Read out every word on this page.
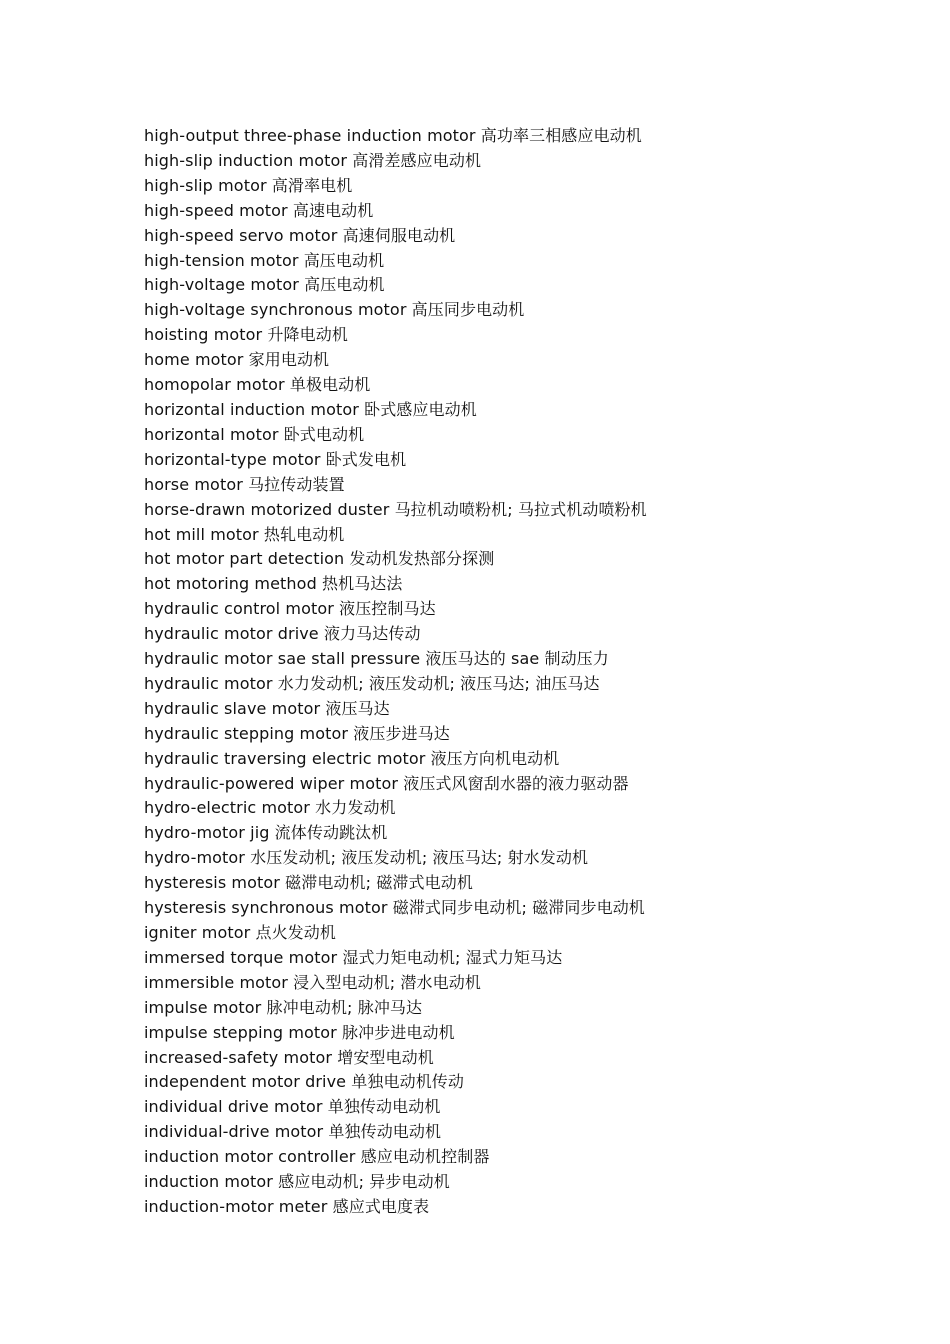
high-output three-phase induction motor 高功率三相感应电动机
high-slip induction motor 高滑差感应电动机
high-slip motor 高滑率电机
high-speed motor 高速电动机
high-speed servo motor 高速伺服电动机
high-tension motor 高压电动机
high-voltage motor 高压电动机
high-voltage synchronous motor 高压同步电动机
hoisting motor 升降电动机
home motor 家用电动机
homopolar motor 单极电动机
horizontal induction motor 卧式感应电动机
horizontal motor 卧式电动机
horizontal-type motor 卧式发电机
horse motor 马拉传动装置
horse-drawn motorized duster 马拉机动喷粉机; 马拉式机动喷粉机
hot mill motor 热轧电动机
hot motor part detection 发动机发热部分探测
hot motoring method 热机马达法
hydraulic control motor 液压控制马达
hydraulic motor drive 液力马达传动
hydraulic motor sae stall pressure 液压马达的 sae 制动压力
hydraulic motor 水力发动机; 液压发动机; 液压马达; 油压马达
hydraulic slave motor 液压马达
hydraulic stepping motor 液压步进马达
hydraulic traversing electric motor 液压方向机电动机
hydraulic-powered wiper motor 液压式风窗刮水器的液力驱动器
hydro-electric motor 水力发动机
hydro-motor jig 流体传动跳汰机
hydro-motor 水压发动机; 液压发动机; 液压马达; 射水发动机
hysteresis motor 磁滞电动机; 磁滞式电动机
hysteresis synchronous motor 磁滞式同步电动机; 磁滞同步电动机
igniter motor 点火发动机
immersed torque motor 湿式力矩电动机; 湿式力矩马达
immersible motor 浸入型电动机; 潜水电动机
impulse motor 脉冲电动机; 脉冲马达
impulse stepping motor 脉冲步进电动机
increased-safety motor 增安型电动机
independent motor drive 单独电动机传动
individual drive motor 单独传动电动机
individual-drive motor 单独传动电动机
induction motor controller 感应电动机控制器
induction motor 感应电动机; 异步电动机
induction-motor meter 感应式电度表
